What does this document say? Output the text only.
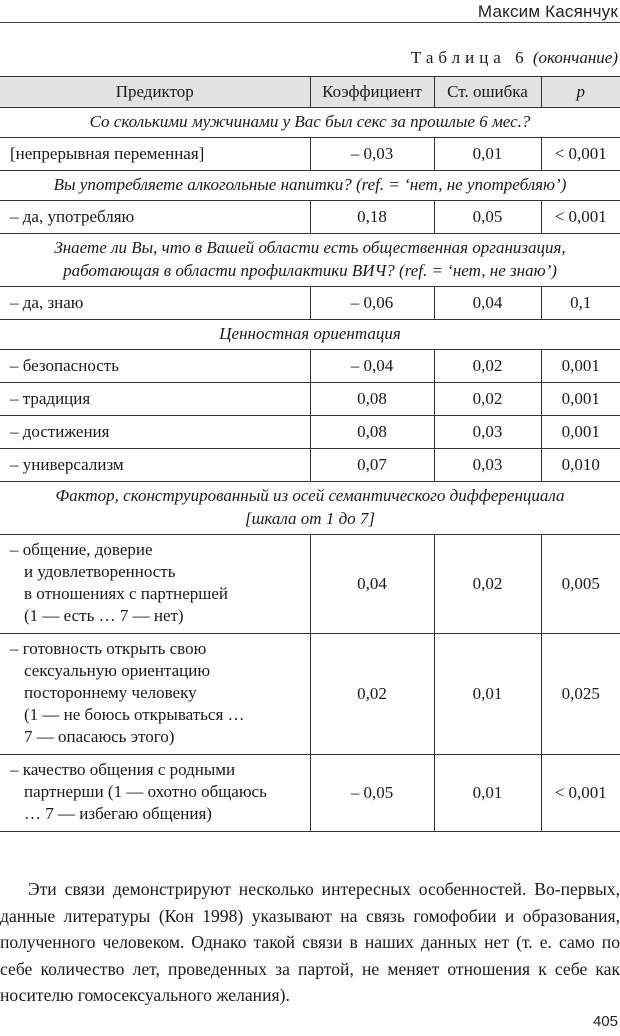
Максим Касянчук
Таблица 6 (окончание)
Предиктор	Коэффициент	Ст. ошибка	p
Со сколькими мужчинами у Вас был секс за прошлые 6 мес.?			
[непрерывная переменная]	– 0,03	0,01	< 0,001
Вы употребляете алкогольные напитки? (ref. = ‘нет, не употребляю’)			
– да, употребляю	0,18	0,05	< 0,001

Знаете ли Вы, что в Вашей области есть общественная организация,
работающая в области профилактики ВИЧ? (ref. = ‘нет, не знаю’)			

– да, знаю	– 0,06	0,04	0,1
Ценностная ориентация			
– безопасность	– 0,04	0,02	0,001
– традиция	0,08	0,02	0,001
– достижения	0,08	0,03	0,001
– универсализм	0,07	0,03	0,010

Фактор, сконструированный из осей семантического дифференциала
[шкала от 1 до 7]			

– общение, доверие
и удовлетворенность
в отношениях с партнершей
(1 — есть … 7 — нет)	0,04	0,02	0,005

– готовность открыть свою
сексуальную ориентацию
постороннему человеку
(1 — не боюсь открываться …
7 — опасаюсь этого)	0,02	0,01	0,025

– качество общения с родными
партнерши (1 — охотно общаюсь
… 7 — избегаю общения)	– 0,05	0,01	< 0,001

Эти связи демонстрируют несколько интересных особенностей. Во-первых, данные литературы (Кон 1998) указывают на связь гомофобии и образования, полученного человеком. Однако такой связи в наших данных нет (т. е. само по себе количество лет, проведенных за партой, не меняет отношения к себе как носителю гомосексуального желания).

405
